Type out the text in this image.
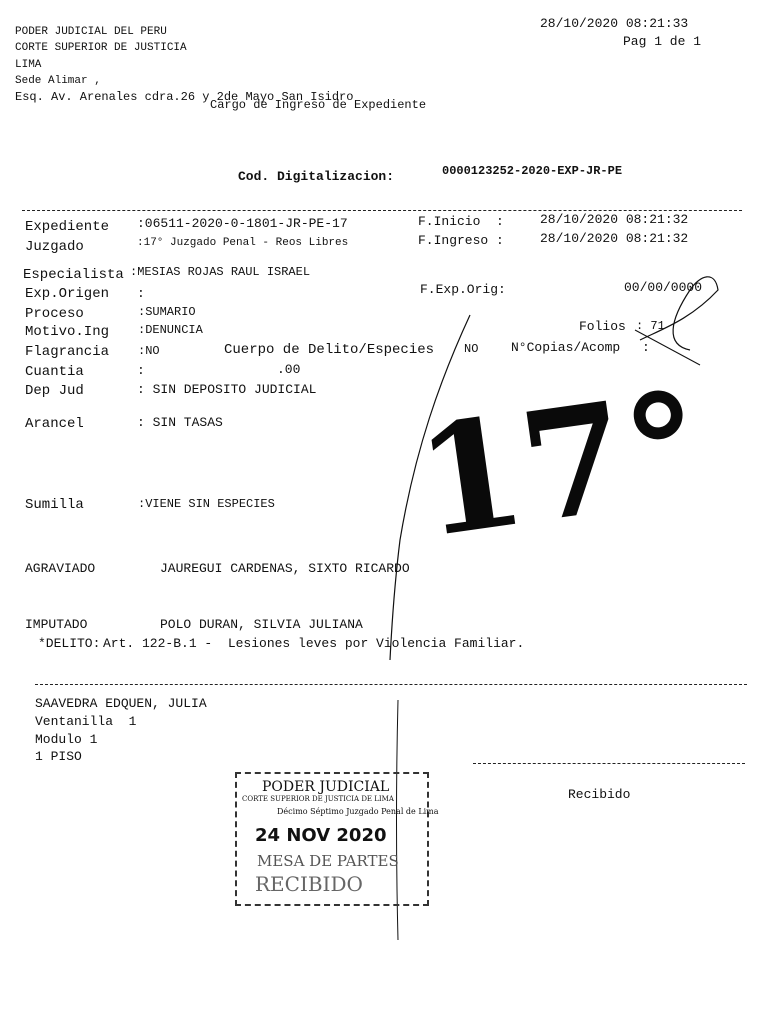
PODER JUDICIAL DEL PERU
CORTE SUPERIOR DE JUSTICIA
LIMA
Sede Alimar ,
Esq. Av. Arenales cdra.26 y 2de Mayo San Isidro
Cargo de Ingreso de Expediente
28/10/2020 08:21:33
Pag 1 de 1
Cod. Digitalizacion:	0000123252-2020-EXP-JR-PE
Expediente :06511-2020-0-1801-JR-PE-17	F.Inicio  :	28/10/2020 08:21:32
Juzgado	:17° Juzgado Penal - Reos Libres	F.Ingreso :	28/10/2020 08:21:32
Especialista :MESIAS ROJAS RAUL ISRAEL
Exp.Origen :	F.Exp.Orig:	00/00/0000
Proceso	:SUMARIO
Motivo.Ing :DENUNCIA	Folios : 71
Flagrancia :NO	Cuerpo de Delito/Especies NO	N°Copias/Acomp :
Cuantia	:	.00
Dep Jud	: SIN DEPOSITO JUDICIAL
Arancel	: SIN TASAS
Sumilla	:VIENE SIN ESPECIES
AGRAVIADO	JAUREGUI CARDENAS, SIXTO RICARDO
IMPUTADO	POLO DURAN, SILVIA JULIANA
*DELITO: Art. 122-B.1 -  Lesiones leves por Violencia Familiar.
SAAVEDRA EDQUEN, JULIA
Ventanilla  1
Modulo 1
1 PISO
Recibido
17°
PODER JUDICIAL
CORTE SUPERIOR DE JUSTICIA DE LIMA
Décimo Séptimo Juzgado Penal de Lima
24 NOV 2020
MESA DE PARTES
RECIBIDO
